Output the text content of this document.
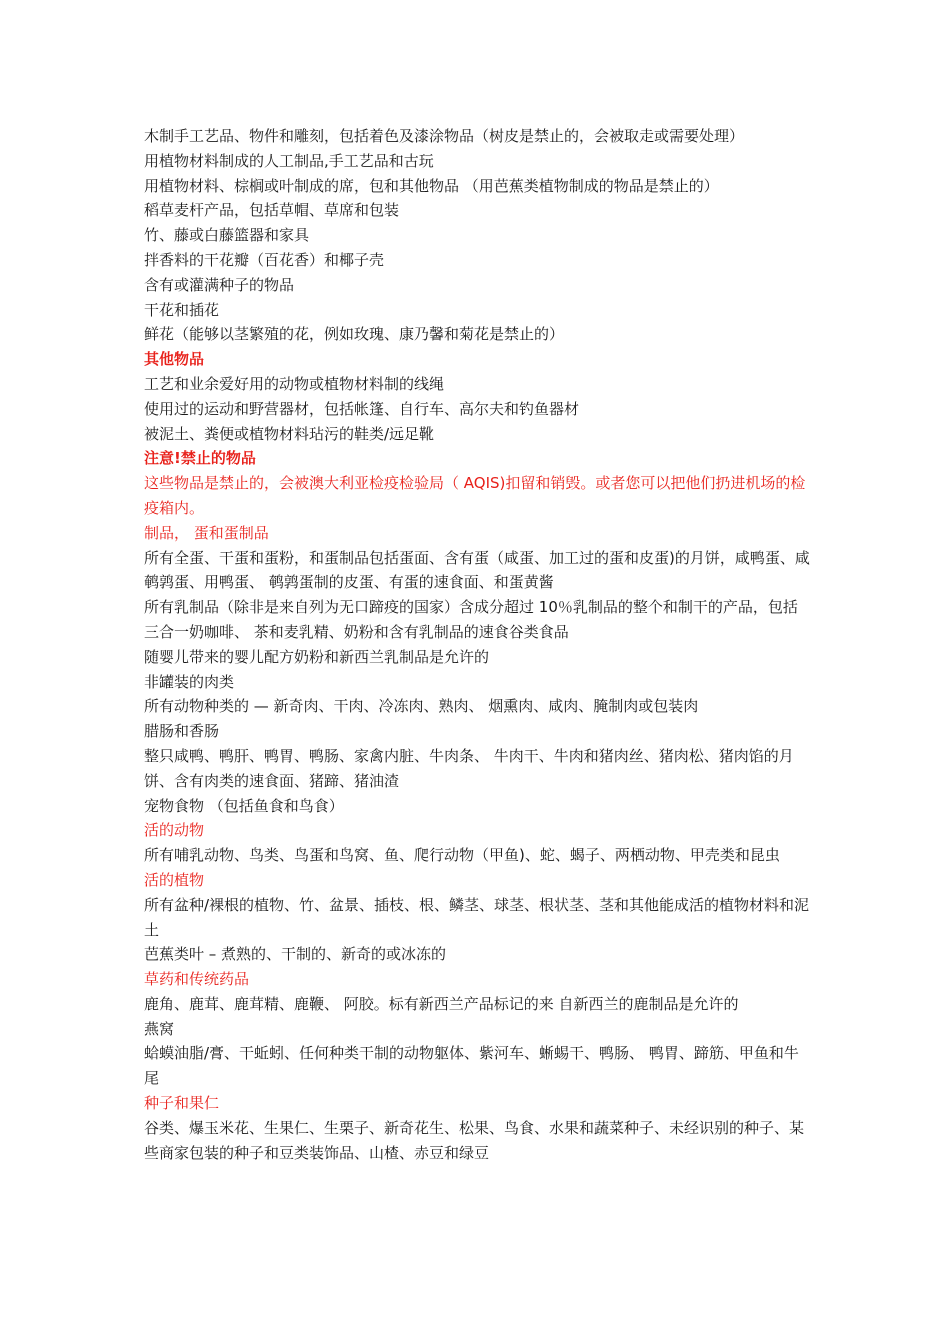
木制手工艺品、物件和雕刻，包括着色及漆涂物品（树皮是禁止的，会被取走或需要处理）

用植物材料制成的人工制品,手工艺品和古玩

用植物材料、棕榈或叶制成的席，包和其他物品 （用芭蕉类植物制成的物品是禁止的）

稻草麦杆产品，包括草帽、草席和包装

竹、藤或白藤篮器和家具

拌香料的干花瓣（百花香）和椰子壳

含有或灌满种子的物品

干花和插花

鲜花（能够以茎繁殖的花，例如玫瑰、康乃馨和菊花是禁止的）

其他物品

工艺和业余爱好用的动物或植物材料制的线绳

使用过的运动和野营器材，包括帐篷、自行车、高尔夫和钓鱼器材

被泥土、粪便或植物材料玷污的鞋类/远足靴

注意!禁止的物品

这些物品是禁止的，会被澳大利亚检疫检验局（ AQIS)扣留和销毁。或者您可以把他们扔进机场的检疫箱内。

制品， 蛋和蛋制品

所有全蛋、干蛋和蛋粉，和蛋制品包括蛋面、含有蛋（咸蛋、加工过的蛋和皮蛋)的月饼，咸鸭蛋、咸鹌鹑蛋、用鸭蛋、 鹌鹑蛋制的皮蛋、有蛋的速食面、和蛋黄酱

所有乳制品（除非是来自列为无口蹄疫的国家）含成分超过 10％乳制品的整个和制干的产品，包括 三合一奶咖啡、 茶和麦乳精、奶粉和含有乳制品的速食谷类食品

随婴儿带来的婴儿配方奶粉和新西兰乳制品是允许的

非罐装的肉类

所有动物种类的 — 新奇肉、干肉、冷冻肉、熟肉、 烟熏肉、咸肉、腌制肉或包装肉

腊肠和香肠

整只咸鸭、鸭肝、鸭胃、鸭肠、家禽内脏、牛肉条、 牛肉干、牛肉和猪肉丝、猪肉松、猪肉馅的月饼、含有肉类的速食面、猪蹄、猪油渣

宠物食物 （包括鱼食和鸟食）

活的动物

所有哺乳动物、鸟类、鸟蛋和鸟窝、鱼、爬行动物（甲鱼)、蛇、蝎子、两栖动物、甲壳类和昆虫

活的植物

所有盆种/裸根的植物、竹、盆景、插枝、根、鳞茎、球茎、根状茎、茎和其他能成活的植物材料和泥土

芭蕉类叶 – 煮熟的、干制的、新奇的或冰冻的

草药和传统药品

鹿角、鹿茸、鹿茸精、鹿鞭、 阿胶。标有新西兰产品标记的来 自新西兰的鹿制品是允许的

燕窝

蛤蟆油脂/膏、干蚯蚓、任何种类干制的动物躯体、紫河车、蜥蜴干、鸭肠、 鸭胃、蹄筋、甲鱼和牛尾

种子和果仁

谷类、爆玉米花、生果仁、生栗子、新奇花生、松果、鸟食、水果和蔬菜种子、未经识别的种子、某些商家包装的种子和豆类装饰品、山楂、赤豆和绿豆
